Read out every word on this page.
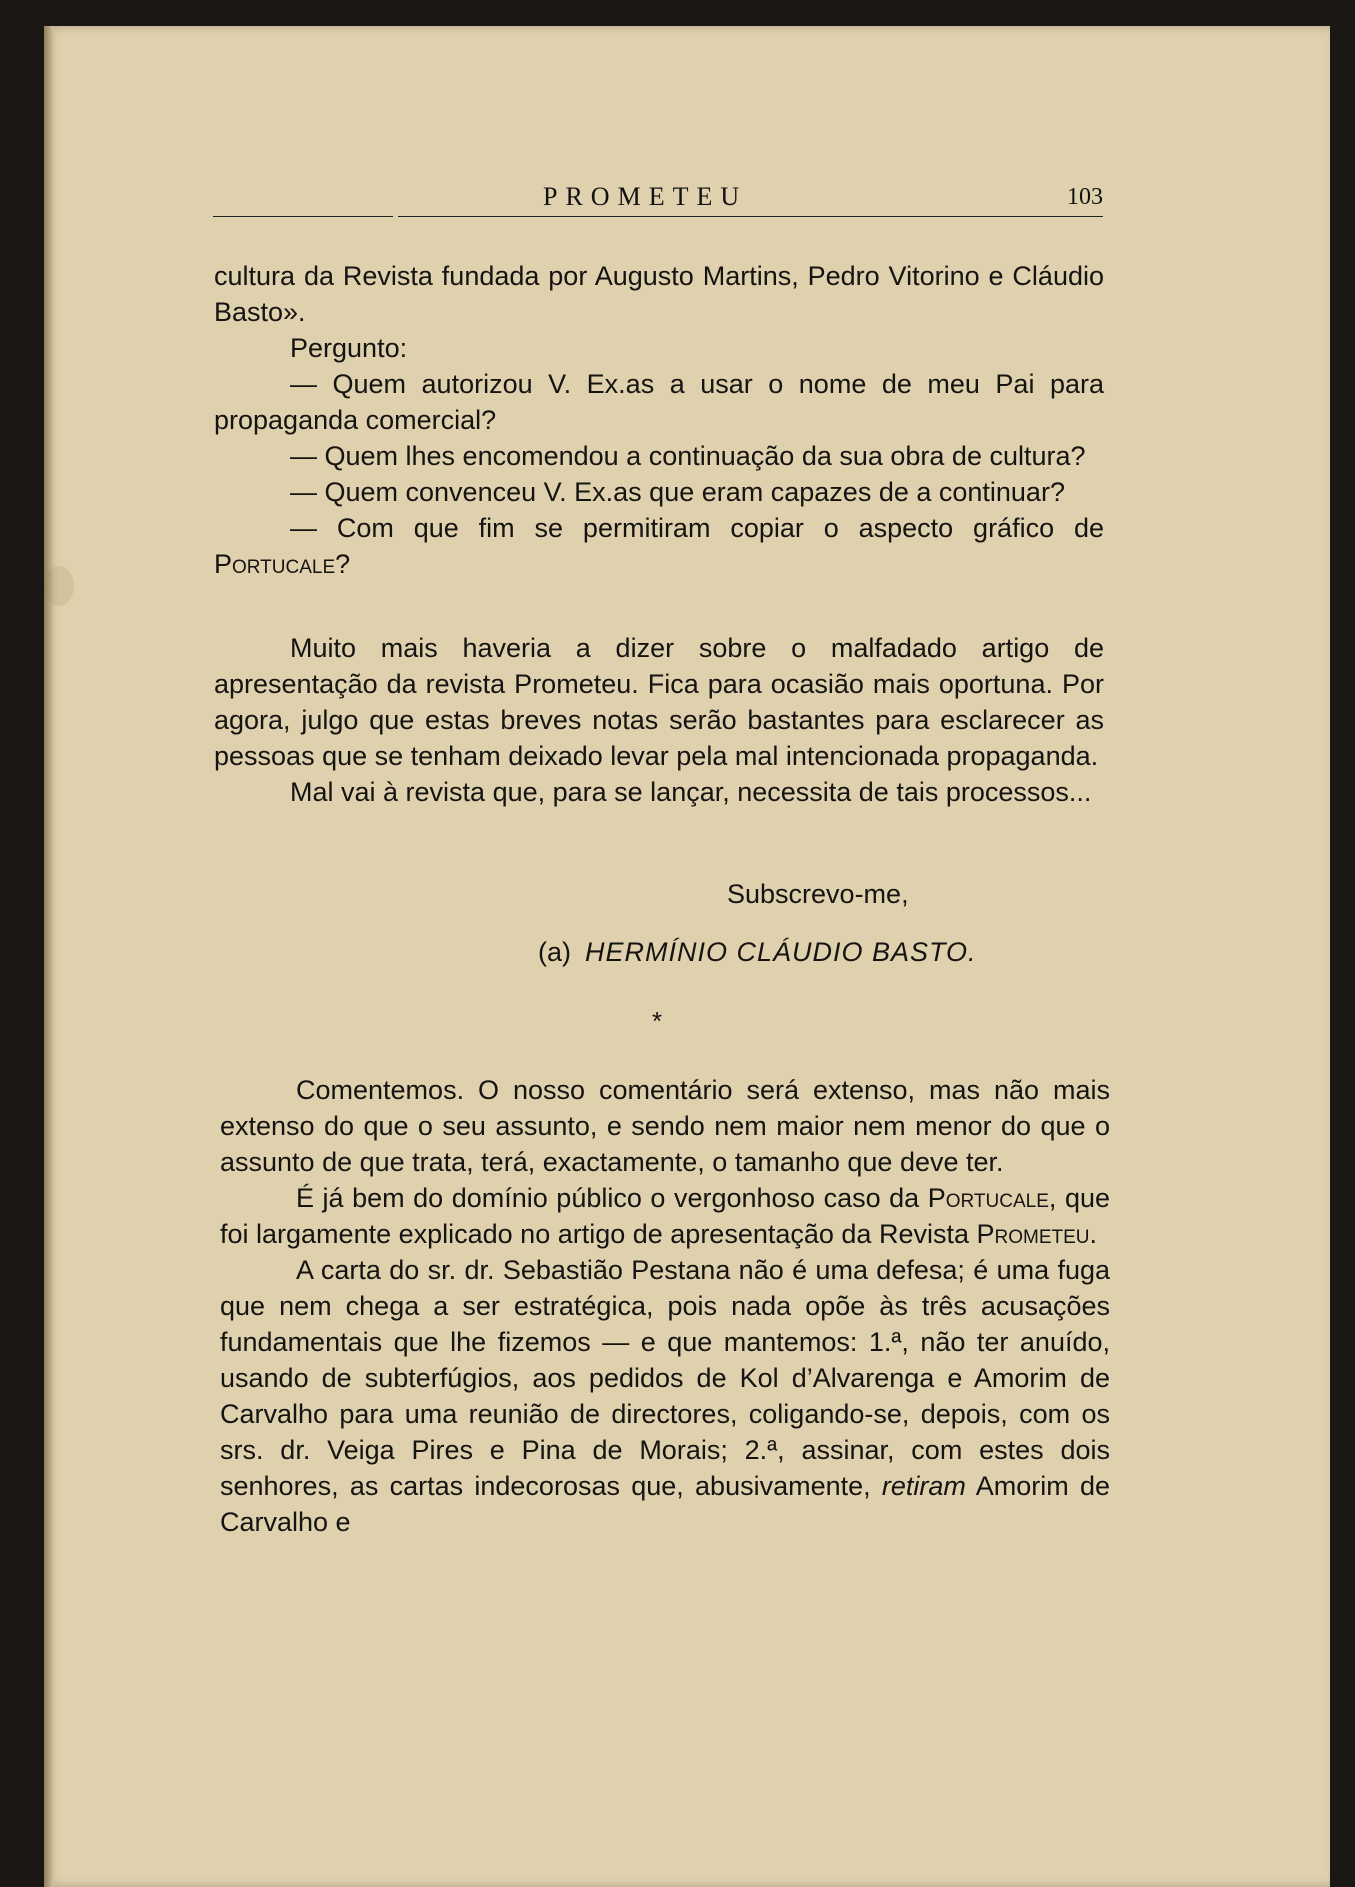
PROMETEU	103

cultura da Revista fundada por Augusto Martins, Pedro Vitorino e Cláudio Basto».

Pergunto:

— Quem autorizou V. Ex.as a usar o nome de meu Pai para propaganda comercial?

— Quem lhes encomendou a continuação da sua obra de cultura?

— Quem convenceu V. Ex.as que eram capazes de a continuar?

— Com que fim se permitiram copiar o aspecto gráfico de Portucale?

Muito mais haveria a dizer sobre o malfadado artigo de apresentação da revista Prometeu. Fica para ocasião mais oportuna. Por agora, julgo que estas breves notas serão bastantes para esclarecer as pessoas que se tenham deixado levar pela mal intencionada propaganda.

Mal vai à revista que, para se lançar, necessita de tais processos...

Subscrevo-me,
(a) HERMÍNIO CLÁUDIO BASTO.
*

Comentemos. O nosso comentário será extenso, mas não mais extenso do que o seu assunto, e sendo nem maior nem menor do que o assunto de que trata, terá, exactamente, o tamanho que deve ter.

É já bem do domínio público o vergonhoso caso da Portucale, que foi largamente explicado no artigo de apresentação da Revista Prometeu.

A carta do sr. dr. Sebastião Pestana não é uma defesa; é uma fuga que nem chega a ser estratégica, pois nada opõe às três acusações fundamentais que lhe fizemos — e que mantemos: 1.ª, não ter anuído, usando de subterfúgios, aos pedidos de Kol d’Alvarenga e Amorim de Carvalho para uma reunião de directores, coligando-se, depois, com os srs. dr. Veiga Pires e Pina de Morais; 2.ª, assinar, com estes dois senhores, as cartas indecorosas que, abusivamente, retiram Amorim de Carvalho e
